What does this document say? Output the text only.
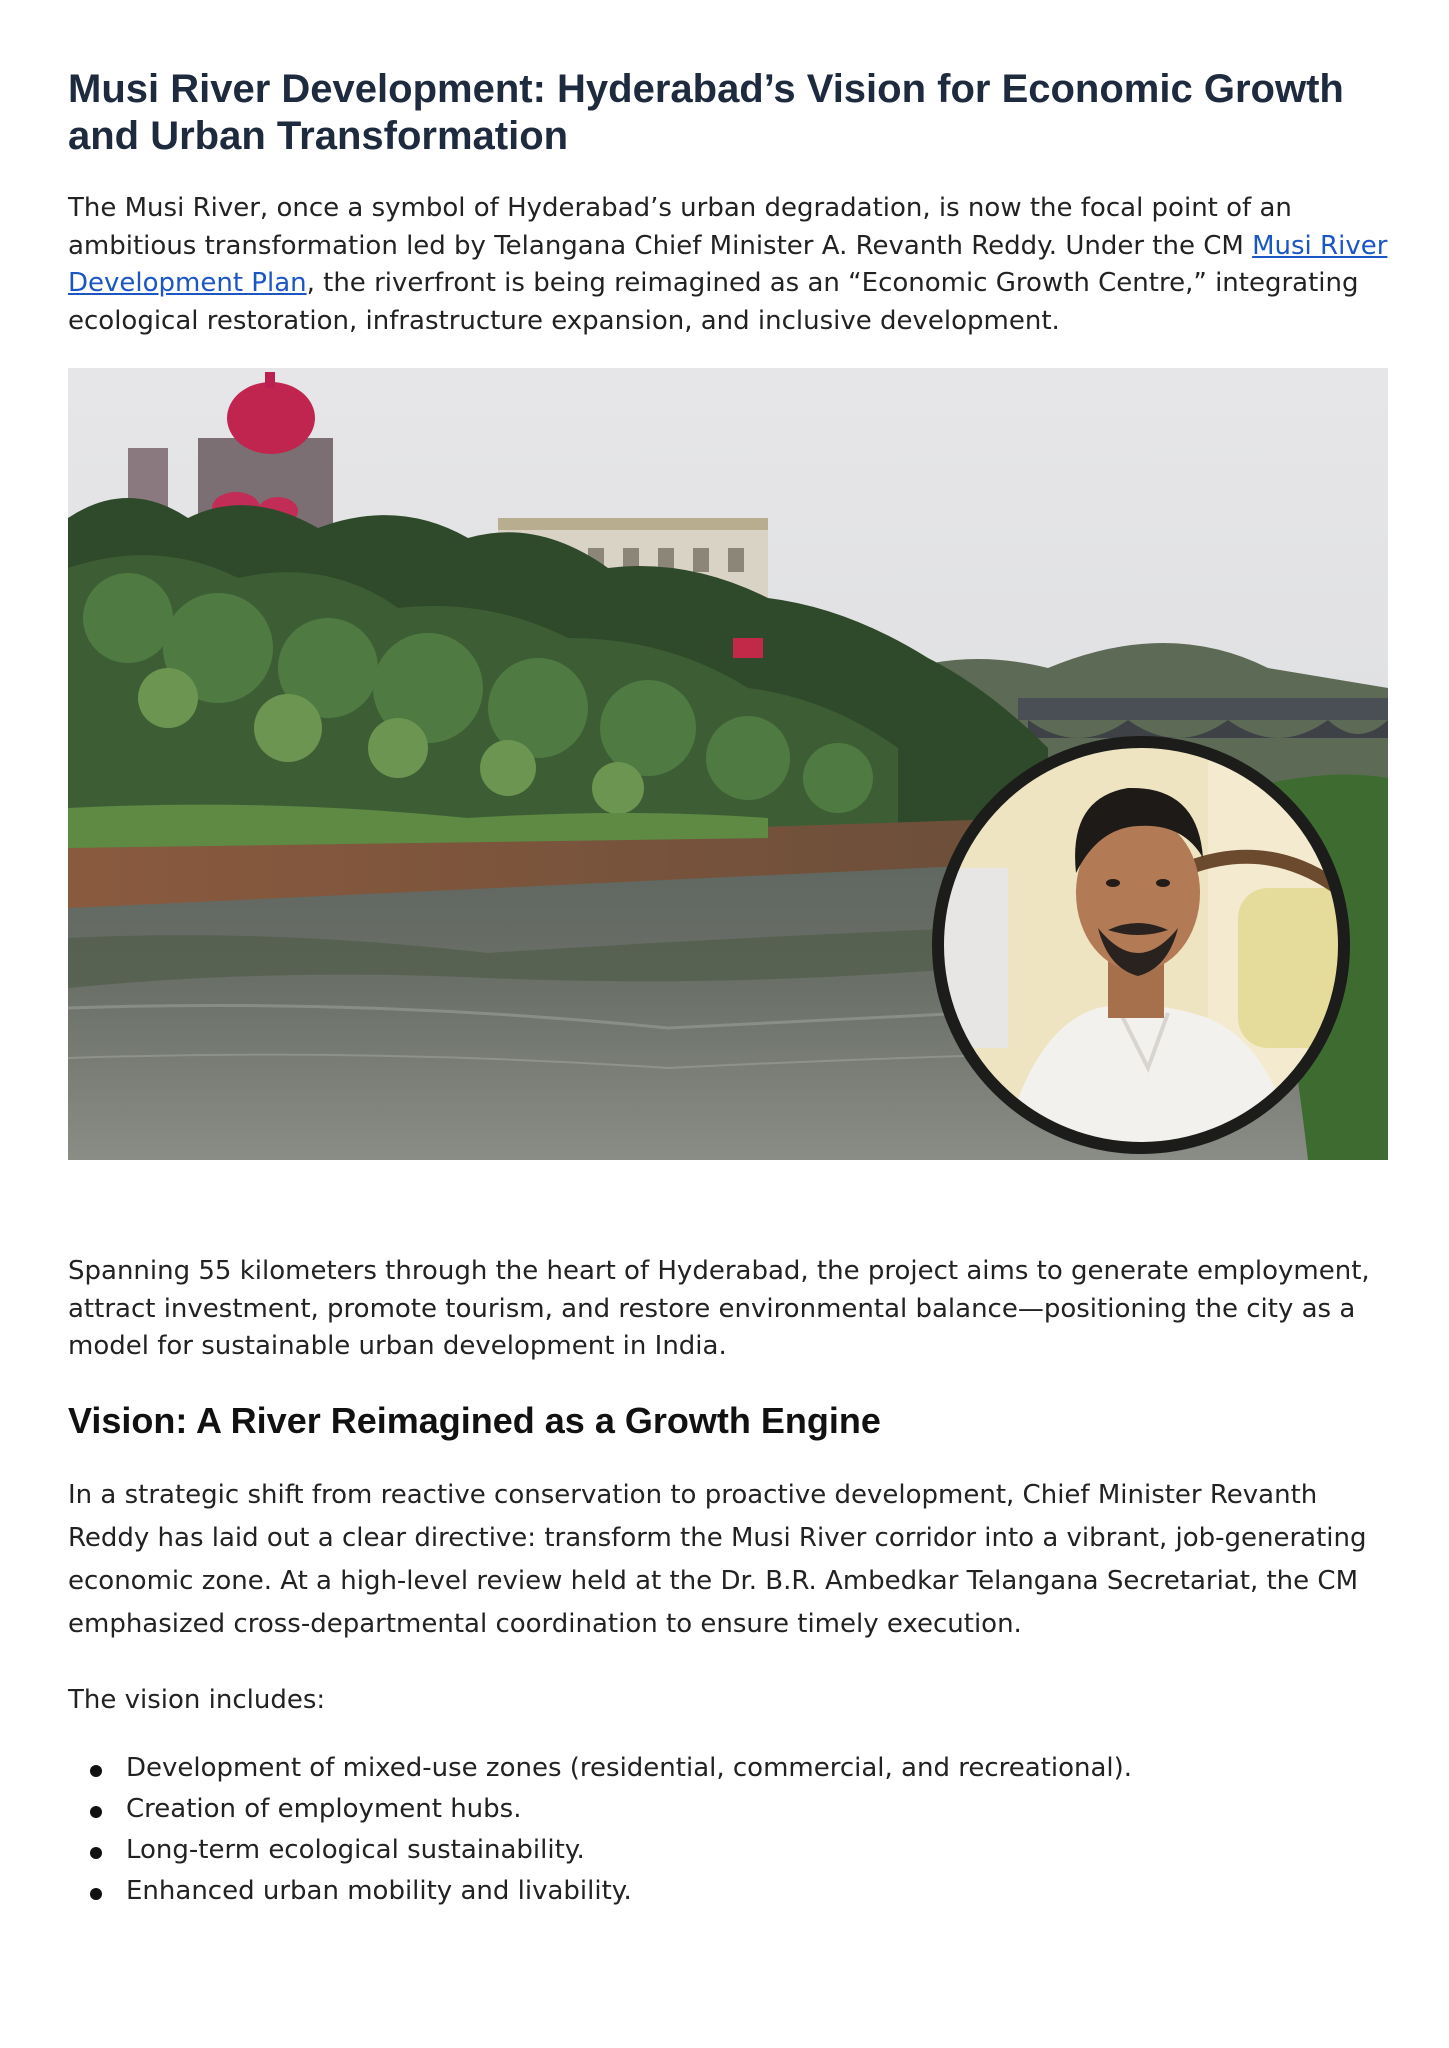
Musi River Development: Hyderabad’s Vision for Economic Growth and Urban Transformation

The Musi River, once a symbol of Hyderabad’s urban degradation, is now the focal point of an ambitious transformation led by Telangana Chief Minister A. Revanth Reddy. Under the CM Musi River Development Plan, the riverfront is being reimagined as an “Economic Growth Centre,” integrating ecological restoration, infrastructure expansion, and inclusive development.

Spanning 55 kilometers through the heart of Hyderabad, the project aims to generate employment, attract investment, promote tourism, and restore environmental balance—positioning the city as a model for sustainable urban development in India.

Vision: A River Reimagined as a Growth Engine

In a strategic shift from reactive conservation to proactive development, Chief Minister Revanth Reddy has laid out a clear directive: transform the Musi River corridor into a vibrant, job-generating economic zone. At a high-level review held at the Dr. B.R. Ambedkar Telangana Secretariat, the CM emphasized cross-departmental coordination to ensure timely execution.

The vision includes:

Development of mixed-use zones (residential, commercial, and recreational).
Creation of employment hubs.
Long-term ecological sustainability.
Enhanced urban mobility and livability.
